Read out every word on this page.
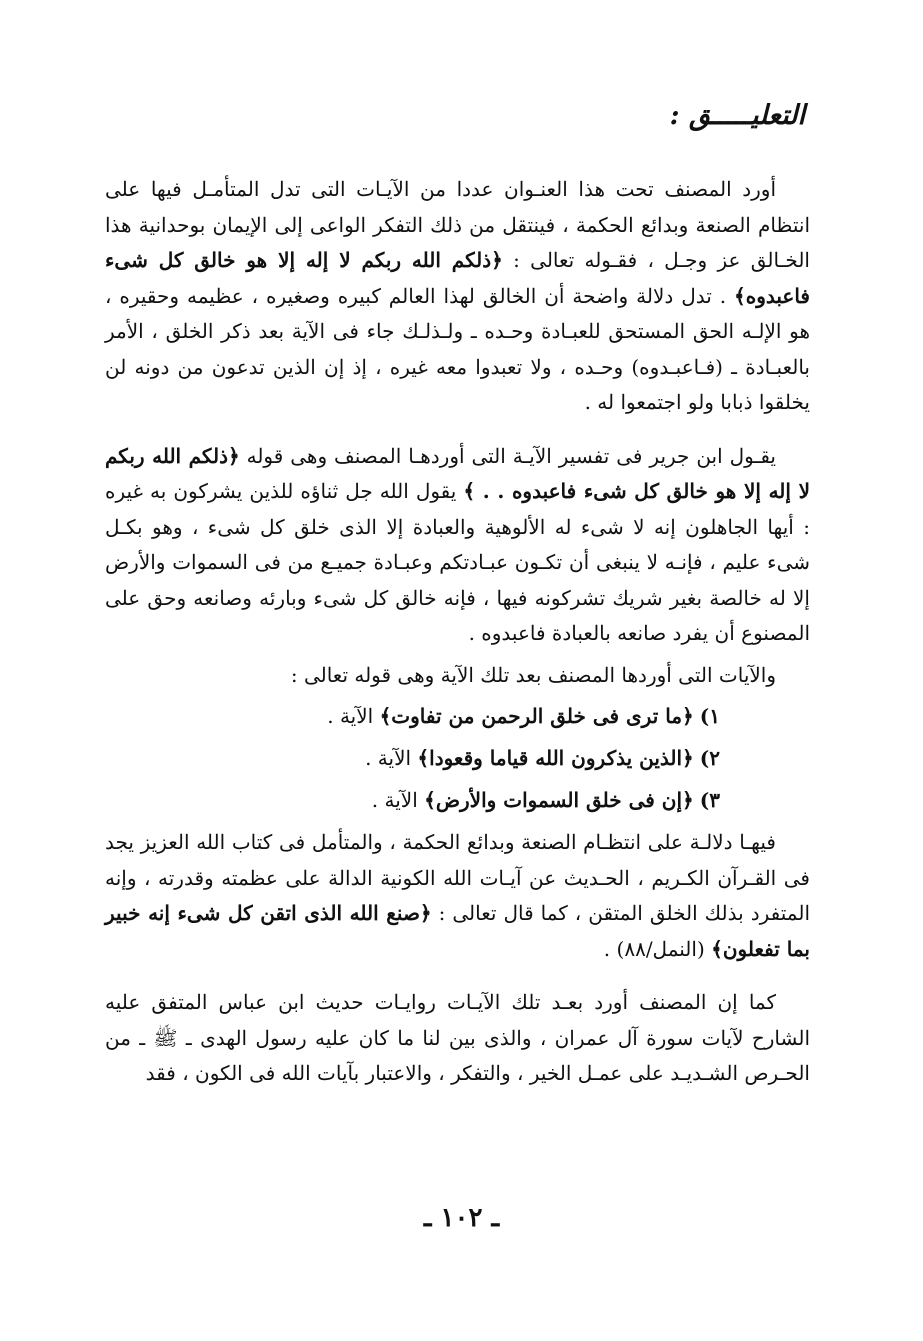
التعليـــــق :

أورد المصنف تحت هذا العنـوان عددا من الآيـات التى تدل المتأمـل فيها على انتظام الصنعة وبدائع الحكمة ، فينتقل من ذلك التفكر الواعى إلى الإيمان بوحدانية هذا الخـالق عز وجـل ، فقـوله تعالى : ﴿ذلكم الله ربكم لا إله إلا هو خالق كل شىء فاعبدوه﴾ . تدل دلالة واضحة أن الخالق لهذا العالم كبيره وصغيره ، عظيمه وحقيره ، هو الإلـه الحق المستحق للعبـادة وحـده ـ ولـذلـك جاء فى الآية بعد ذكر الخلق ، الأمر بالعبـادة ـ (فـاعبـدوه) وحـده ، ولا تعبدوا معه غيره ، إذ إن الذين تدعون من دونه لن يخلقوا ذبابا ولو اجتمعوا له .

يقـول ابن جرير فى تفسير الآيـة التى أوردهـا المصنف وهى قوله ﴿ذلكم الله ربكم لا إله إلا هو خالق كل شىء فاعبدوه . . ﴾ يقول الله جل ثناؤه للذين يشركون به غيره : أيها الجاهلون إنه لا شىء له الألوهية والعبادة إلا الذى خلق كل شىء ، وهو بكـل شىء عليم ، فإنـه لا ينبغى أن تكـون عبـادتكم وعبـادة جميـع من فى السموات والأرض إلا له خالصة بغير شريك تشركونه فيها ، فإنه خالق كل شىء وبارئه وصانعه وحق على المصنوع أن يفرد صانعه بالعبادة فاعبدوه .

والآيات التى أوردها المصنف بعد تلك الآية وهى قوله تعالى :

١)﴿ما ترى فى خلق الرحمن من تفاوت﴾ الآية .

٢)﴿الذين يذكرون الله قياما وقعودا﴾ الآية .

٣)﴿إن فى خلق السموات والأرض﴾ الآية .

فيهـا دلالـة على انتظـام الصنعة وبدائع الحكمة ، والمتأمل فى كتاب الله العزيز يجد فى القـرآن الكـريم ، الحـديث عن آيـات الله الكونية الدالة على عظمته وقدرته ، وإنه المتفرد بذلك الخلق المتقن ، كما قال تعالى : ﴿صنع الله الذى اتقن كل شىء إنه خبير بما تفعلون﴾ (النمل/٨٨) .

كما إن المصنف أورد بعـد تلك الآيـات روايـات حديث ابن عباس المتفق عليه الشارح لآيات سورة آل عمران ، والذى بين لنا ما كان عليه رسول الهدى ـ ﷺ ـ من الحـرص الشـديـد على عمـل الخير ، والتفكر ، والاعتبار بآيات الله فى الكون ، فقد

ـ ١٠٢ ـ
